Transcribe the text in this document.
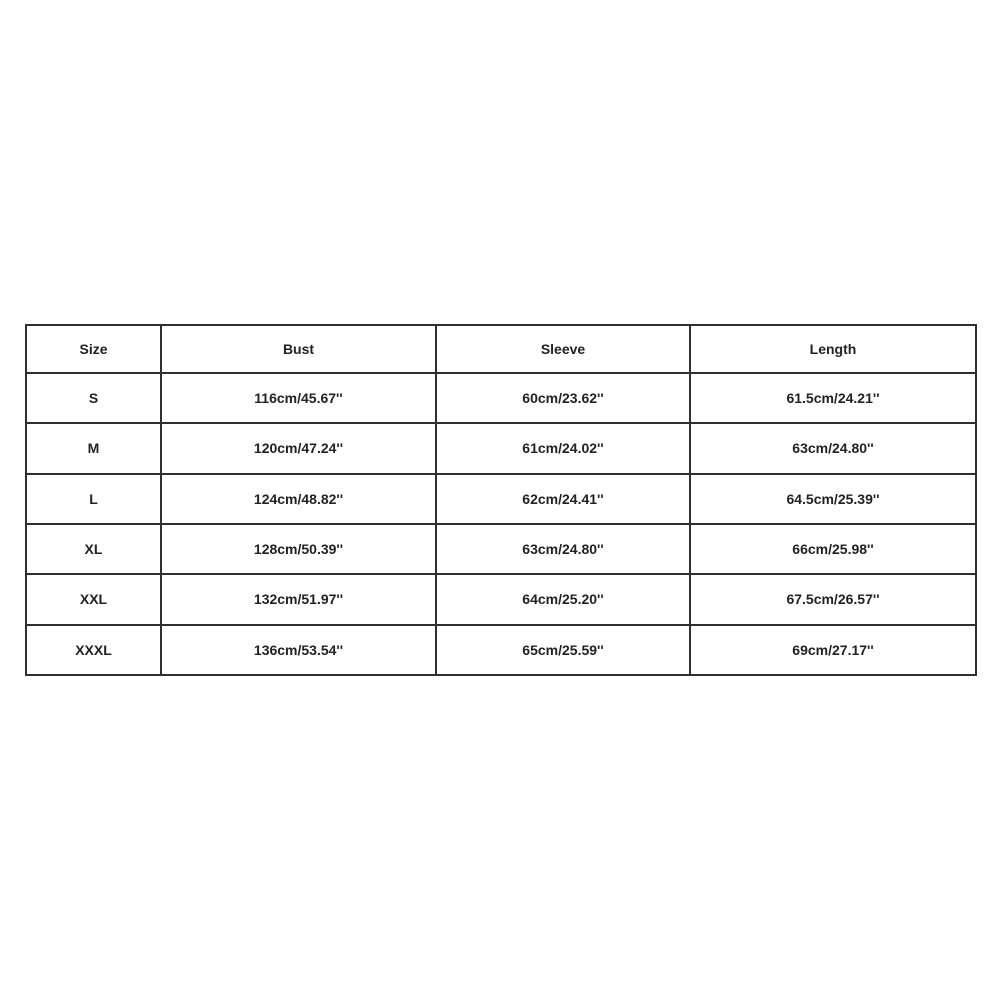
Size	Bust	Sleeve	Length
S	116cm/45.67''	60cm/23.62''	61.5cm/24.21''
M	120cm/47.24''	61cm/24.02''	63cm/24.80''
L	124cm/48.82''	62cm/24.41''	64.5cm/25.39''
XL	128cm/50.39''	63cm/24.80''	66cm/25.98''
XXL	132cm/51.97''	64cm/25.20''	67.5cm/26.57''
XXXL	136cm/53.54''	65cm/25.59''	69cm/27.17''
